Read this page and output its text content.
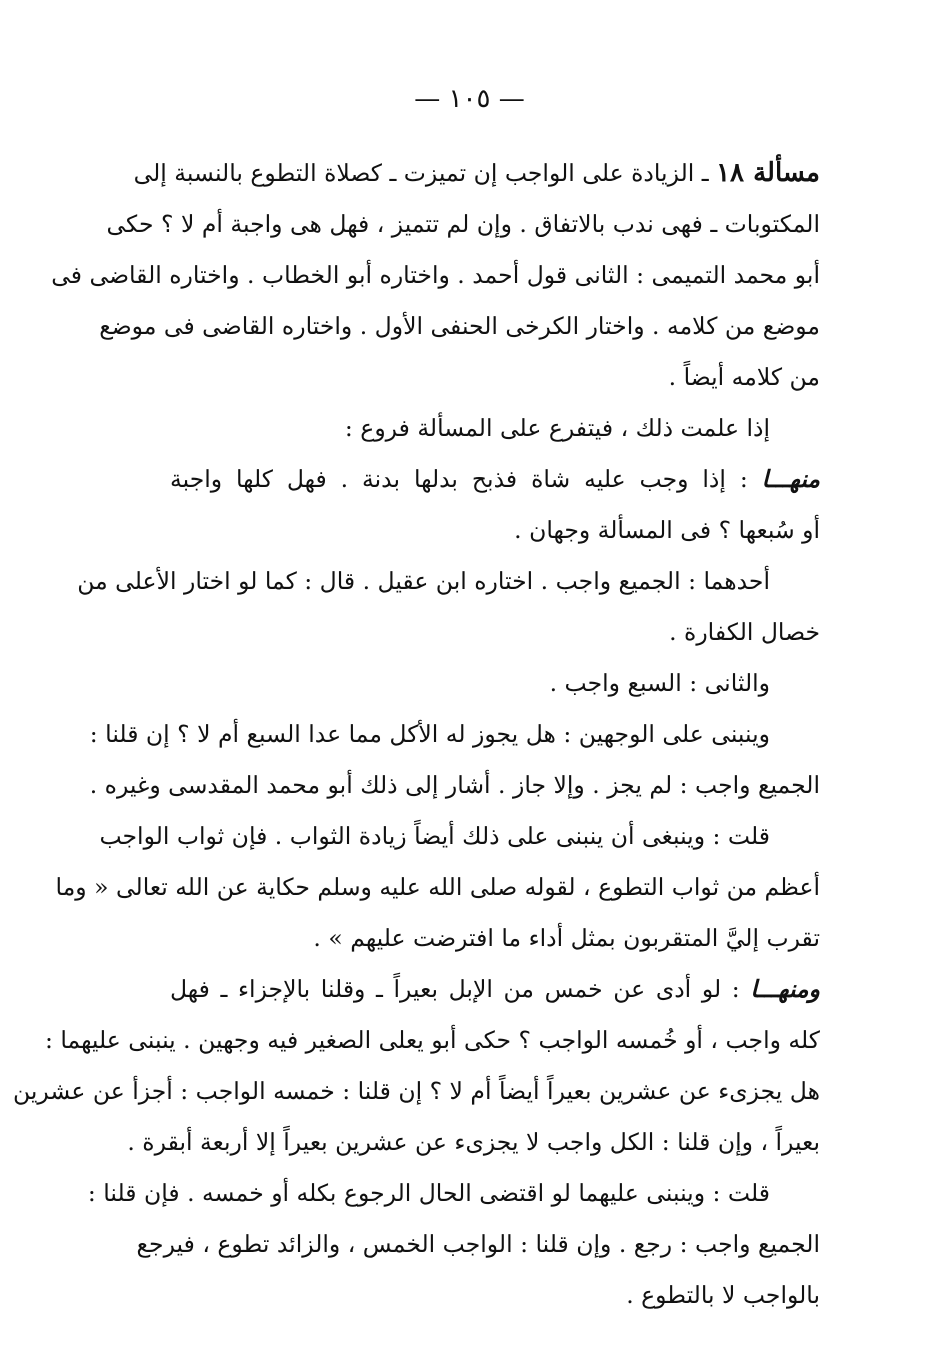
— ١٠٥ —
مسألة ١٨ ـ الزيادة على الواجب إن تميزت ـ كصلاة التطوع بالنسبة إلى
المكتوبات ـ فهى ندب بالاتفاق . وإن لم تتميز ، فهل هى واجبة أم لا ؟ حكى
أبو محمد التميمى : الثانى قول أحمد . واختاره أبو الخطاب . واختاره القاضى فى
موضع من كلامه . واختار الكرخى الحنفى الأول . واختاره القاضى فى موضع
من كلامه أيضاً .
إذا علمت ذلك ، فيتفرع على المسألة فروع :
منهـــا : إذا وجب عليه شاة فذبح بدلها بدنة . فهل كلها واجبة
أو سُبعها ؟ فى المسألة وجهان .
أحدهما : الجميع واجب . اختاره ابن عقيل . قال : كما لو اختار الأعلى من
خصال الكفارة .
والثانى : السبع واجب .
وينبنى على الوجهين : هل يجوز له الأكل مما عدا السبع أم لا ؟ إن قلنا :
الجميع واجب : لم يجز . وإلا جاز . أشار إلى ذلك أبو محمد المقدسى وغيره .
قلت : وينبغى أن ينبنى على ذلك أيضاً زيادة الثواب . فإن ثواب الواجب
أعظم من ثواب التطوع ، لقوله صلى الله عليه وسلم حكاية عن الله تعالى « وما
تقرب إليَّ المتقربون بمثل أداء ما افترضت عليهم » .
ومنهـــا : لو أدى عن خمس من الإبل بعيراً ـ وقلنا بالإجزاء ـ فهل
كله واجب ، أو خُمسه الواجب ؟ حكى أبو يعلى الصغير فيه وجهين . ينبنى عليهما :
هل يجزىء عن عشرين بعيراً أيضاً أم لا ؟ إن قلنا : خمسه الواجب : أجزأ عن عشرين
بعيراً ، وإن قلنا : الكل واجب لا يجزىء عن عشرين بعيراً إلا أربعة أبقرة .
قلت : وينبنى عليهما لو اقتضى الحال الرجوع بكله أو خمسه . فإن قلنا :
الجميع واجب : رجع . وإن قلنا : الواجب الخمس ، والزائد تطوع ، فيرجع
بالواجب لا بالتطوع .
